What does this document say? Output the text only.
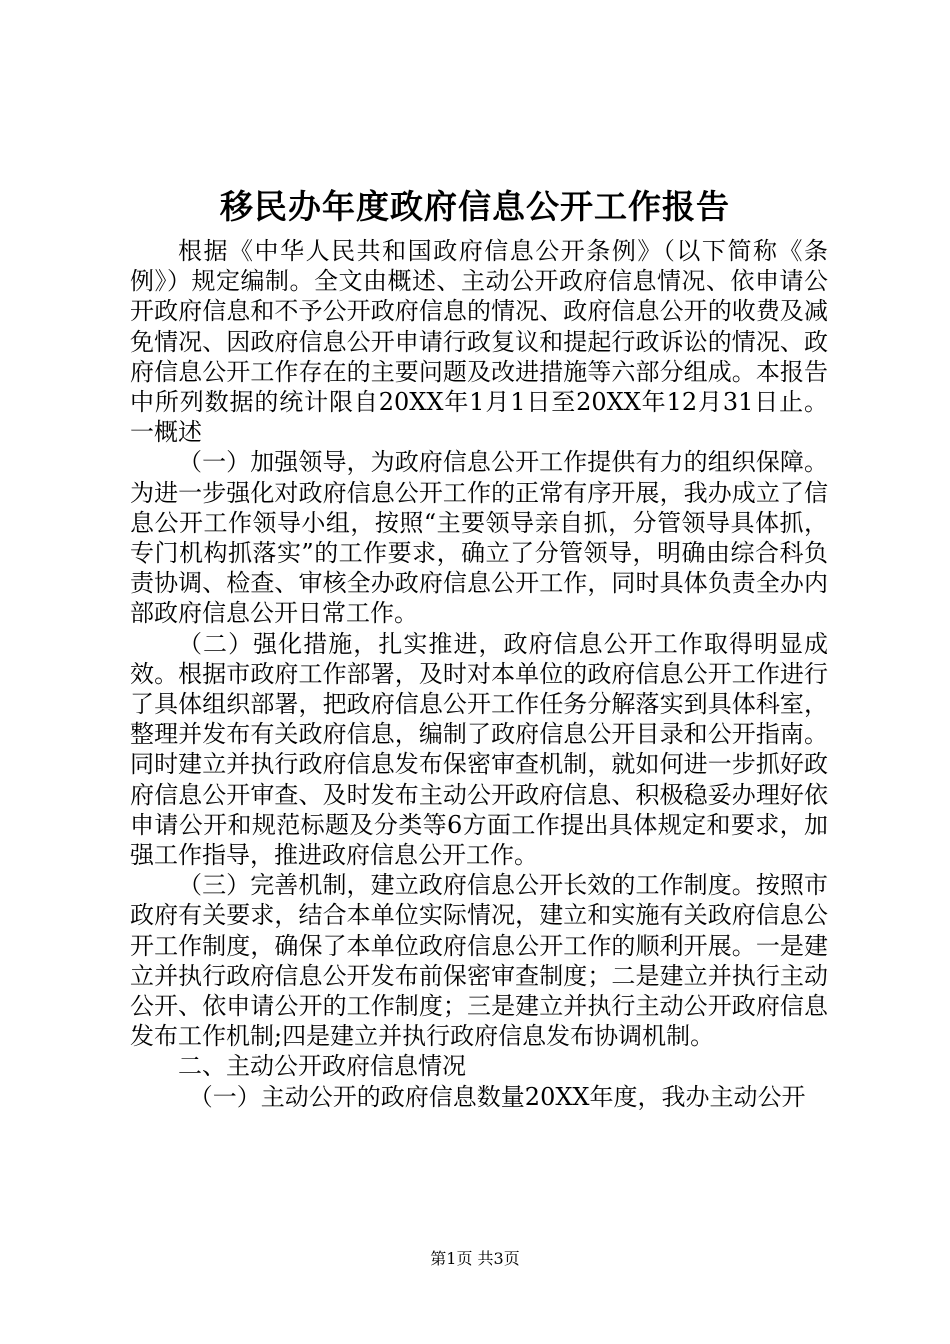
移民办年度政府信息公开工作报告

根据《中华人民共和国政府信息公开条例》（以下简称《条例》）规定编制。全文由概述、主动公开政府信息情况、依申请公开政府信息和不予公开政府信息的情况、政府信息公开的收费及减免情况、因政府信息公开申请行政复议和提起行政诉讼的情况、政府信息公开工作存在的主要问题及改进措施等六部分组成。本报告中所列数据的统计限自20XX年1月1日至20XX年12月31日止。一概述

（一）加强领导，为政府信息公开工作提供有力的组织保障。为进一步强化对政府信息公开工作的正常有序开展，我办成立了信息公开工作领导小组，按照“主要领导亲自抓，分管领导具体抓，专门机构抓落实”的工作要求，确立了分管领导，明确由综合科负责协调、检查、审核全办政府信息公开工作，同时具体负责全办内部政府信息公开日常工作。

（二）强化措施，扎实推进，政府信息公开工作取得明显成效。根据市政府工作部署，及时对本单位的政府信息公开工作进行了具体组织部署，把政府信息公开工作任务分解落实到具体科室，整理并发布有关政府信息，编制了政府信息公开目录和公开指南。同时建立并执行政府信息发布保密审查机制，就如何进一步抓好政府信息公开审查、及时发布主动公开政府信息、积极稳妥办理好依申请公开和规范标题及分类等6方面工作提出具体规定和要求，加强工作指导，推进政府信息公开工作。

（三）完善机制，建立政府信息公开长效的工作制度。按照市政府有关要求，结合本单位实际情况，建立和实施有关政府信息公开工作制度，确保了本单位政府信息公开工作的顺利开展。一是建立并执行政府信息公开发布前保密审查制度；二是建立并执行主动公开、依申请公开的工作制度；三是建立并执行主动公开政府信息发布工作机制;四是建立并执行政府信息发布协调机制。

二、主动公开政府信息情况

（一）主动公开的政府信息数量20XX年度，我办主动公开

第1页 共3页
